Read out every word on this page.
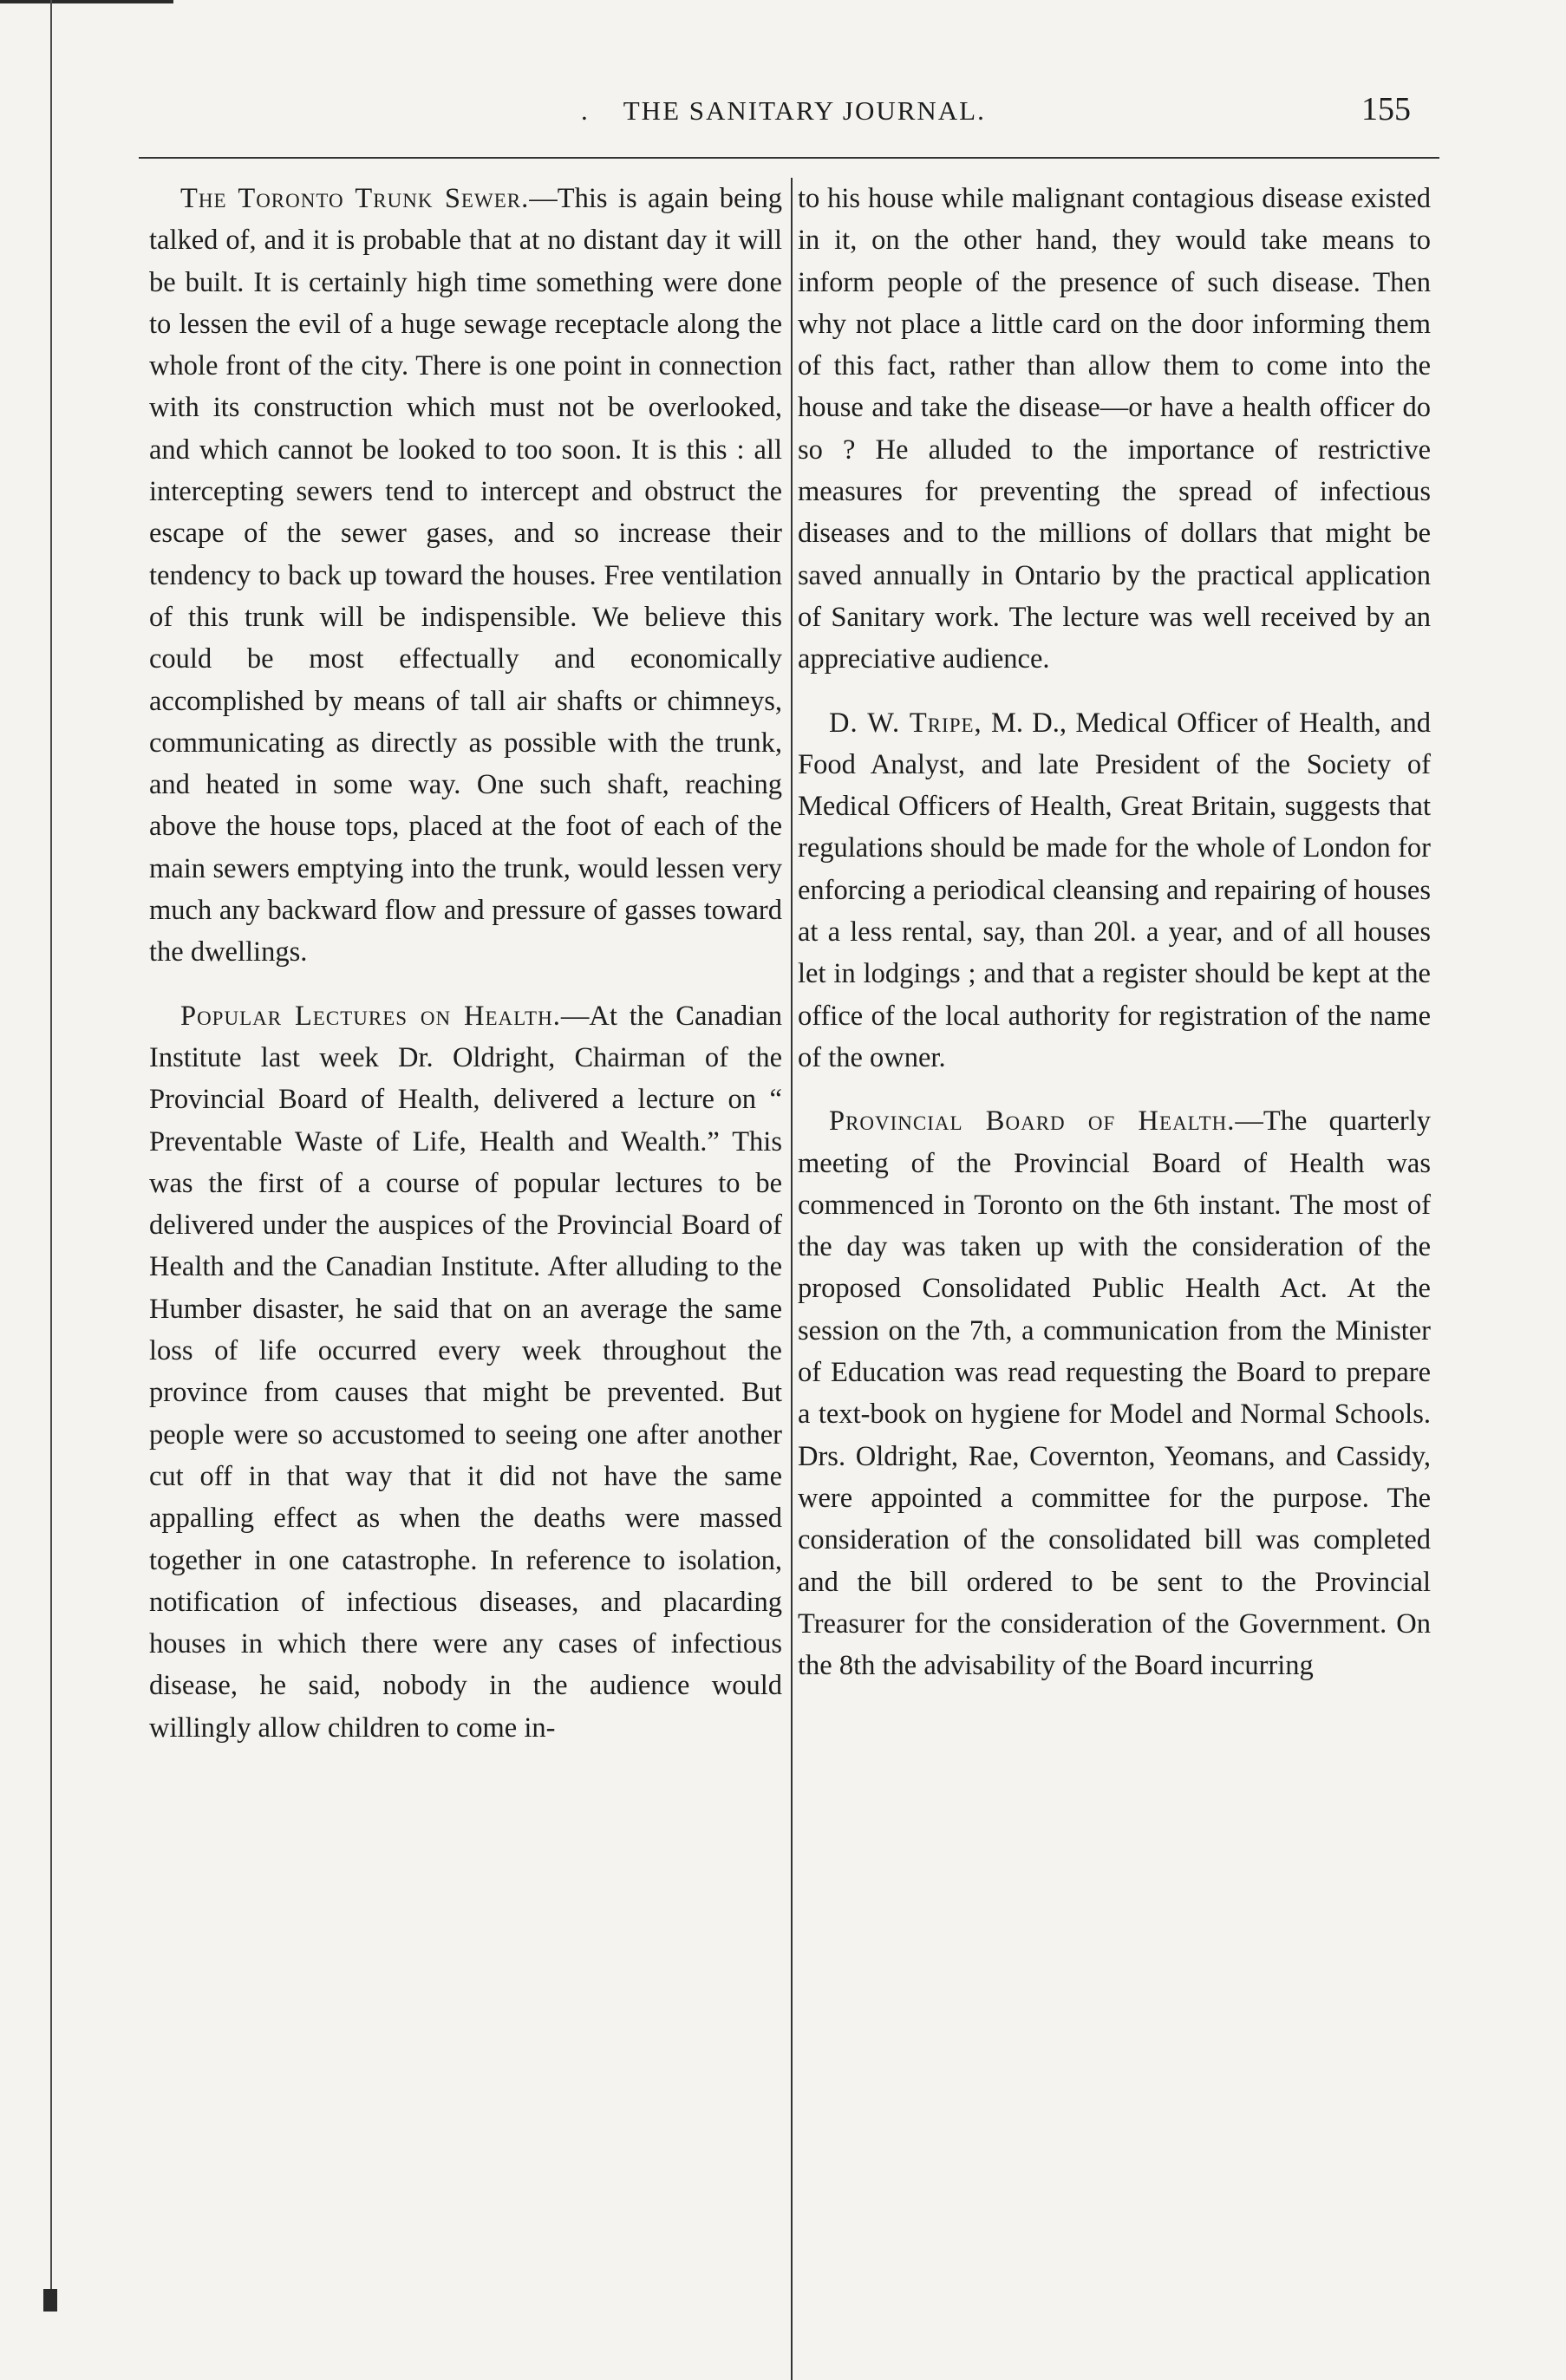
. THE SANITARY JOURNAL.	155

The Toronto Trunk Sewer.—This is again being talked of, and it is probable that at no distant day it will be built. It is certainly high time something were done to lessen the evil of a huge sewage receptacle along the whole front of the city. There is one point in connection with its construction which must not be overlooked, and which cannot be looked to too soon. It is this : all intercepting sewers tend to intercept and obstruct the escape of the sewer gases, and so increase their tendency to back up toward the houses. Free ventilation of this trunk will be indispensible. We believe this could be most effectually and economically accomplished by means of tall air shafts or chimneys, communicating as directly as possible with the trunk, and heated in some way. One such shaft, reaching above the house tops, placed at the foot of each of the main sewers emptying into the trunk, would lessen very much any backward flow and pressure of gasses toward the dwellings.

Popular Lectures on Health.—At the Canadian Institute last week Dr. Oldright, Chairman of the Provincial Board of Health, delivered a lecture on “ Preventable Waste of Life, Health and Wealth.” This was the first of a course of popular lectures to be delivered under the auspices of the Provincial Board of Health and the Canadian Institute. After alluding to the Humber disaster, he said that on an average the same loss of life occurred every week throughout the province from causes that might be prevented. But people were so accustomed to seeing one after another cut off in that way that it did not have the same appalling effect as when the deaths were massed together in one catastrophe. In reference to isolation, notification of infectious diseases, and placarding houses in which there were any cases of infectious disease, he said, nobody in the audience would willingly allow children to come in-

to his house while malignant contagious disease existed in it, on the other hand, they would take means to inform people of the presence of such disease. Then why not place a little card on the door informing them of this fact, rather than allow them to come into the house and take the disease—or have a health officer do so ? He alluded to the importance of restrictive measures for preventing the spread of infectious diseases and to the millions of dollars that might be saved annually in Ontario by the practical application of Sanitary work. The lecture was well received by an appreciative audience.

D. W. Tripe, M. D., Medical Officer of Health, and Food Analyst, and late President of the Society of Medical Officers of Health, Great Britain, suggests that regulations should be made for the whole of London for enforcing a periodical cleansing and repairing of houses at a less rental, say, than 20l. a year, and of all houses let in lodgings ; and that a register should be kept at the office of the local authority for registration of the name of the owner.

Provincial Board of Health.—The quarterly meeting of the Provincial Board of Health was commenced in Toronto on the 6th instant. The most of the day was taken up with the consideration of the proposed Consolidated Public Health Act. At the session on the 7th, a communication from the Minister of Education was read requesting the Board to prepare a text-book on hygiene for Model and Normal Schools. Drs. Oldright, Rae, Covernton, Yeomans, and Cassidy, were appointed a committee for the purpose. The consideration of the consolidated bill was completed and the bill ordered to be sent to the Provincial Treasurer for the consideration of the Government. On the 8th the advisability of the Board incurring
